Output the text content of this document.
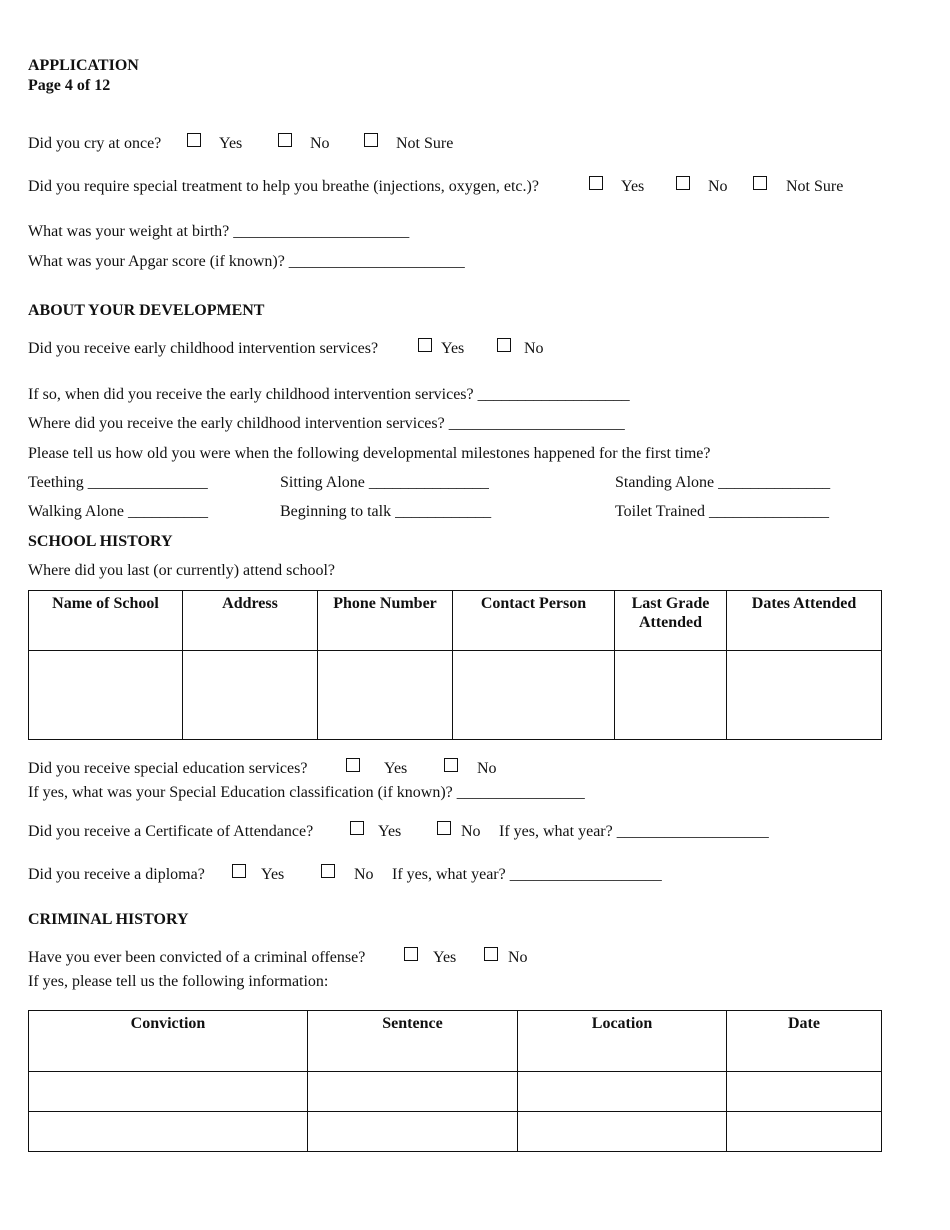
APPLICATION
Page 4 of 12
Did you cry at once?	Yes	No	Not Sure
Did you require special treatment to help you breathe (injections, oxygen, etc.)?	Yes	No	Not Sure
What was your weight at birth? ______________________
What was your Apgar score (if known)? ______________________
ABOUT YOUR DEVELOPMENT
Did you receive early childhood intervention services?	Yes	No
If so, when did you receive the early childhood intervention services? ___________________
Where did you receive the early childhood intervention services? ______________________
Please tell us how old you were when the following developmental milestones happened for the first time?
Teething _______________	Sitting Alone _______________	Standing Alone ______________
Walking Alone __________	Beginning to talk ____________	Toilet Trained _______________
SCHOOL HISTORY
Where did you last (or currently) attend school?
Name of School	Address	Phone Number	Contact Person	Last Grade Attended	Dates Attended

Did you receive special education services?	Yes	No
If yes, what was your Special Education classification (if known)? ________________
Did you receive a Certificate of Attendance?	Yes	No If yes, what year? ___________________
Did you receive a diploma?	Yes	No If yes, what year? ___________________
CRIMINAL HISTORY
Have you ever been convicted of a criminal offense?	Yes	No
If yes, please tell us the following information:
Conviction	Sentence	Location	Date
